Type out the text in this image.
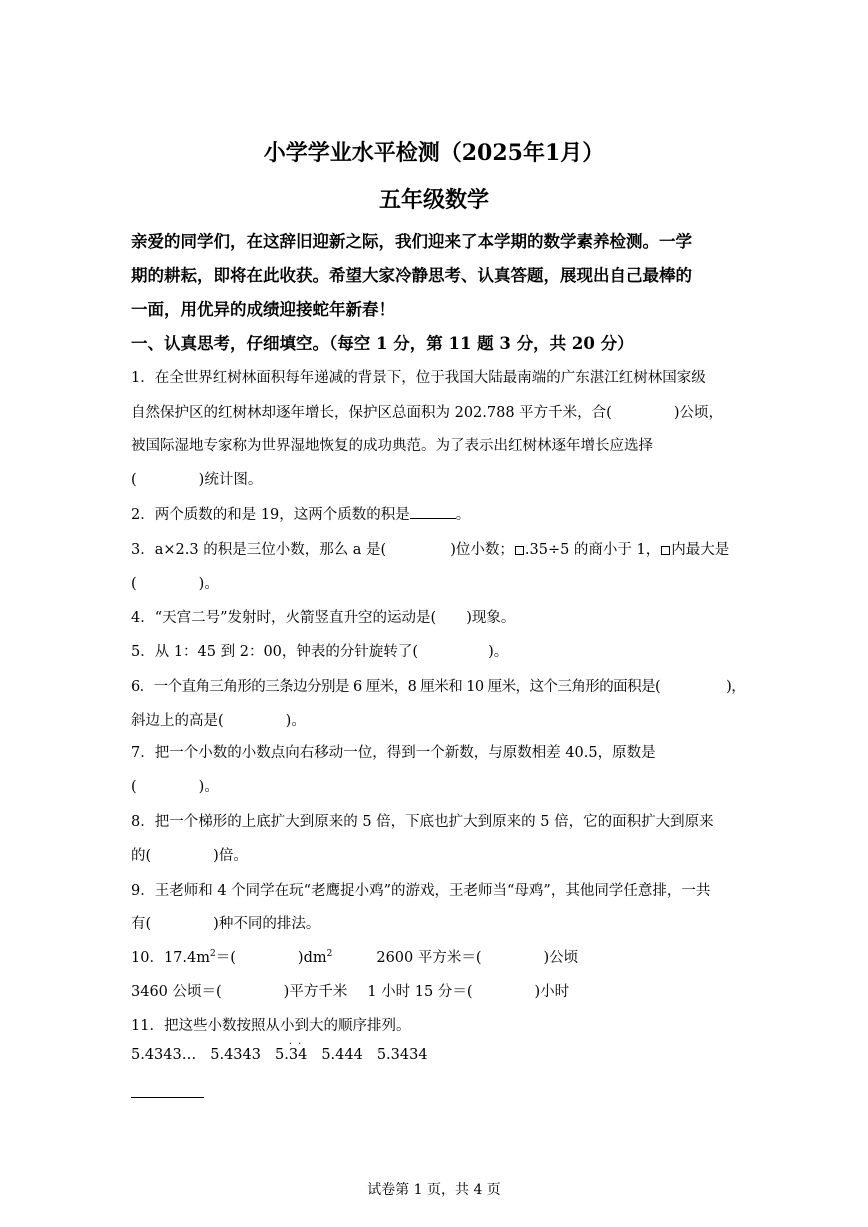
小学学业水平检测（2025年1月）
五年级数学
亲爱的同学们，在这辞旧迎新之际，我们迎来了本学期的数学素养检测。一学
期的耕耘，即将在此收获。希望大家冷静思考、认真答题，展现出自己最棒的
一面，用优异的成绩迎接蛇年新春！
一、认真思考，仔细填空。（每空 1 分，第 11 题 3 分，共 20 分）
1．在全世界红树林面积每年递减的背景下，位于我国大陆最南端的广东湛江红树林国家级
自然保护区的红树林却逐年增长，保护区总面积为 202.788 平方千米，合(	)公顷，
被国际湿地专家称为世界湿地恢复的成功典范。为了表示出红树林逐年增长应选择
(	)统计图。
2．两个质数的和是 19，这两个质数的积是	。
3．a×2.3 的积是三位小数，那么 a 是(	)位小数； .35÷5 的商小于 1， 内最大是
(	)。
4．“天宫二号”发射时，火箭竖直升空的运动是( )现象。
5．从 1：45 到 2：00，钟表的分针旋转了(	)。
6．一个直角三角形的三条边分别是 6 厘米，8 厘米和 10 厘米，这个三角形的面积是(	)，
斜边上的高是(	)。
7．把一个小数的小数点向右移动一位，得到一个新数，与原数相差 40.5，原数是
(	)。
8．把一个梯形的上底扩大到原来的 5 倍，下底也扩大到原来的 5 倍，它的面积扩大到原来
的(	)倍。
9．王老师和 4 个同学在玩“老鹰捉小鸡”的游戏，王老师当“母鸡”，其他同学任意排，一共
有(	)种不同的排法。
10．$17.4m^2=$(	)$dm^2$	2600 平方米＝(	)公顷
3460 公顷＝(	)平方千米 1 小时 15 分＝(	)小时
11．把这些小数按照从小到大的顺序排列。
5.4343… 5.4343 5.
·
3
·
4 5.444 5.3434
试卷第 1 页，共 4 页
